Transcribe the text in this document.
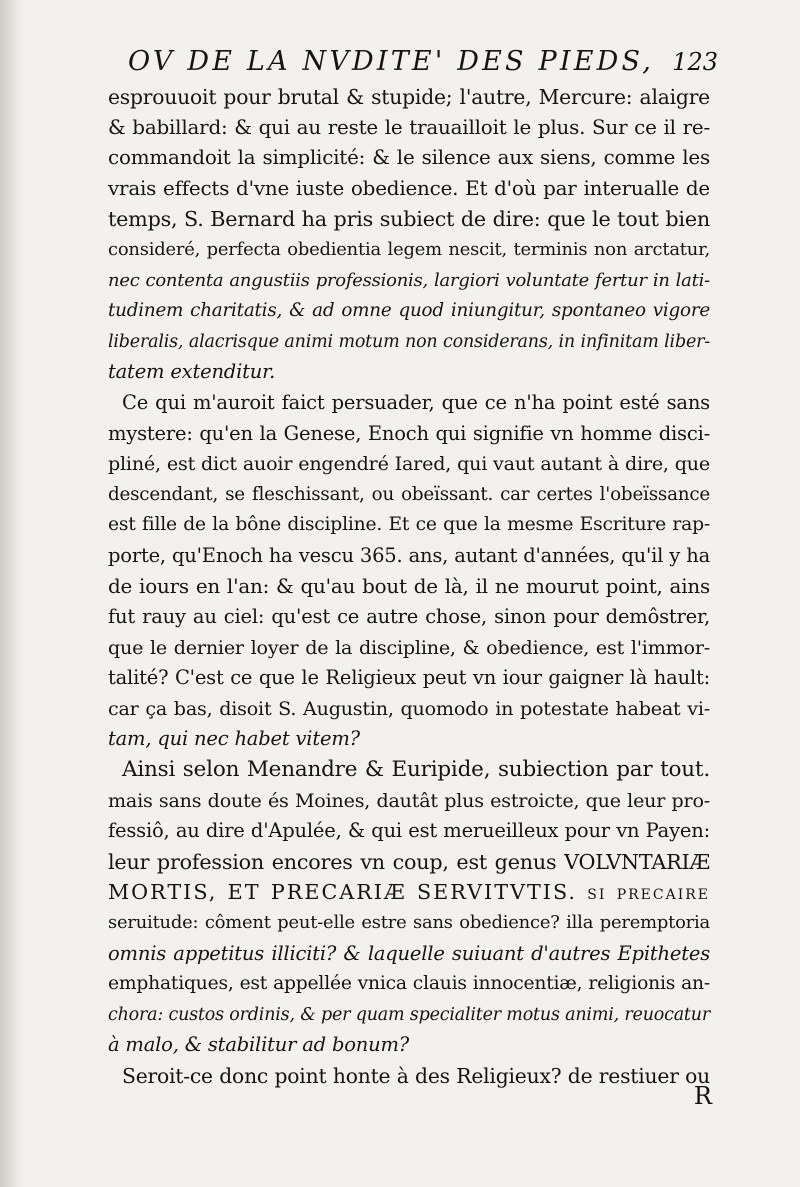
OV DE LA NVDITE' DES PIEDS, 123
esprouuoit pour brutal & stupide; l'autre, Mercure: alaigre
& babillard: & qui au reste le trauailloit le plus. Sur ce il re-
commandoit la simplicité: & le silence aux siens, comme les
vrais effects d'vne iuste obedience. Et d'où par interualle de
temps, S. Bernard ha pris subiect de dire: que le tout bien
consideré, perfecta obedientia legem nescit, terminis non arctatur,
nec contenta angustiis professionis, largiori voluntate fertur in lati-
tudinem charitatis, & ad omne quod iniungitur, spontaneo vigore
liberalis, alacrisque animi motum non considerans, in infinitam liber-
tatem extenditur.
Ce qui m'auroit faict persuader, que ce n'ha point esté sans
mystere: qu'en la Genese, Enoch qui signifie vn homme disci-
pliné, est dict auoir engendré Iared, qui vaut autant à dire, que
descendant, se fleschissant, ou obeïssant. car certes l'obeïssance
est fille de la bône discipline. Et ce que la mesme Escriture rap-
porte, qu'Enoch ha vescu 365. ans, autant d'années, qu'il y ha
de iours en l'an: & qu'au bout de là, il ne mourut point, ains
fut rauy au ciel: qu'est ce autre chose, sinon pour demôstrer,
que le dernier loyer de la discipline, & obedience, est l'immor-
talité? C'est ce que le Religieux peut vn iour gaigner là hault:
car ça bas, disoit S. Augustin, quomodo in potestate habeat vi-
tam, qui nec habet vitem?
Ainsi selon Menandre & Euripide, subiection par tout.
mais sans doute és Moines, dautât plus estroicte, que leur pro-
fessiô, au dire d'Apulée, & qui est merueilleux pour vn Payen:
leur profession encores vn coup, est genus VOLVNTARIÆ
MORTIS, ET PRECARIÆ SERVITVTIS. si precaire
seruitude: côment peut-elle estre sans obedience? illa peremptoria
omnis appetitus illiciti? & laquelle suiuant d'autres Epithetes
emphatiques, est appellée vnica clauis innocentiæ, religionis an-
chora: custos ordinis, & per quam specialiter motus animi, reuocatur
à malo, & stabilitur ad bonum?
Seroit-ce donc point honte à des Religieux? de restiuer ou
R
